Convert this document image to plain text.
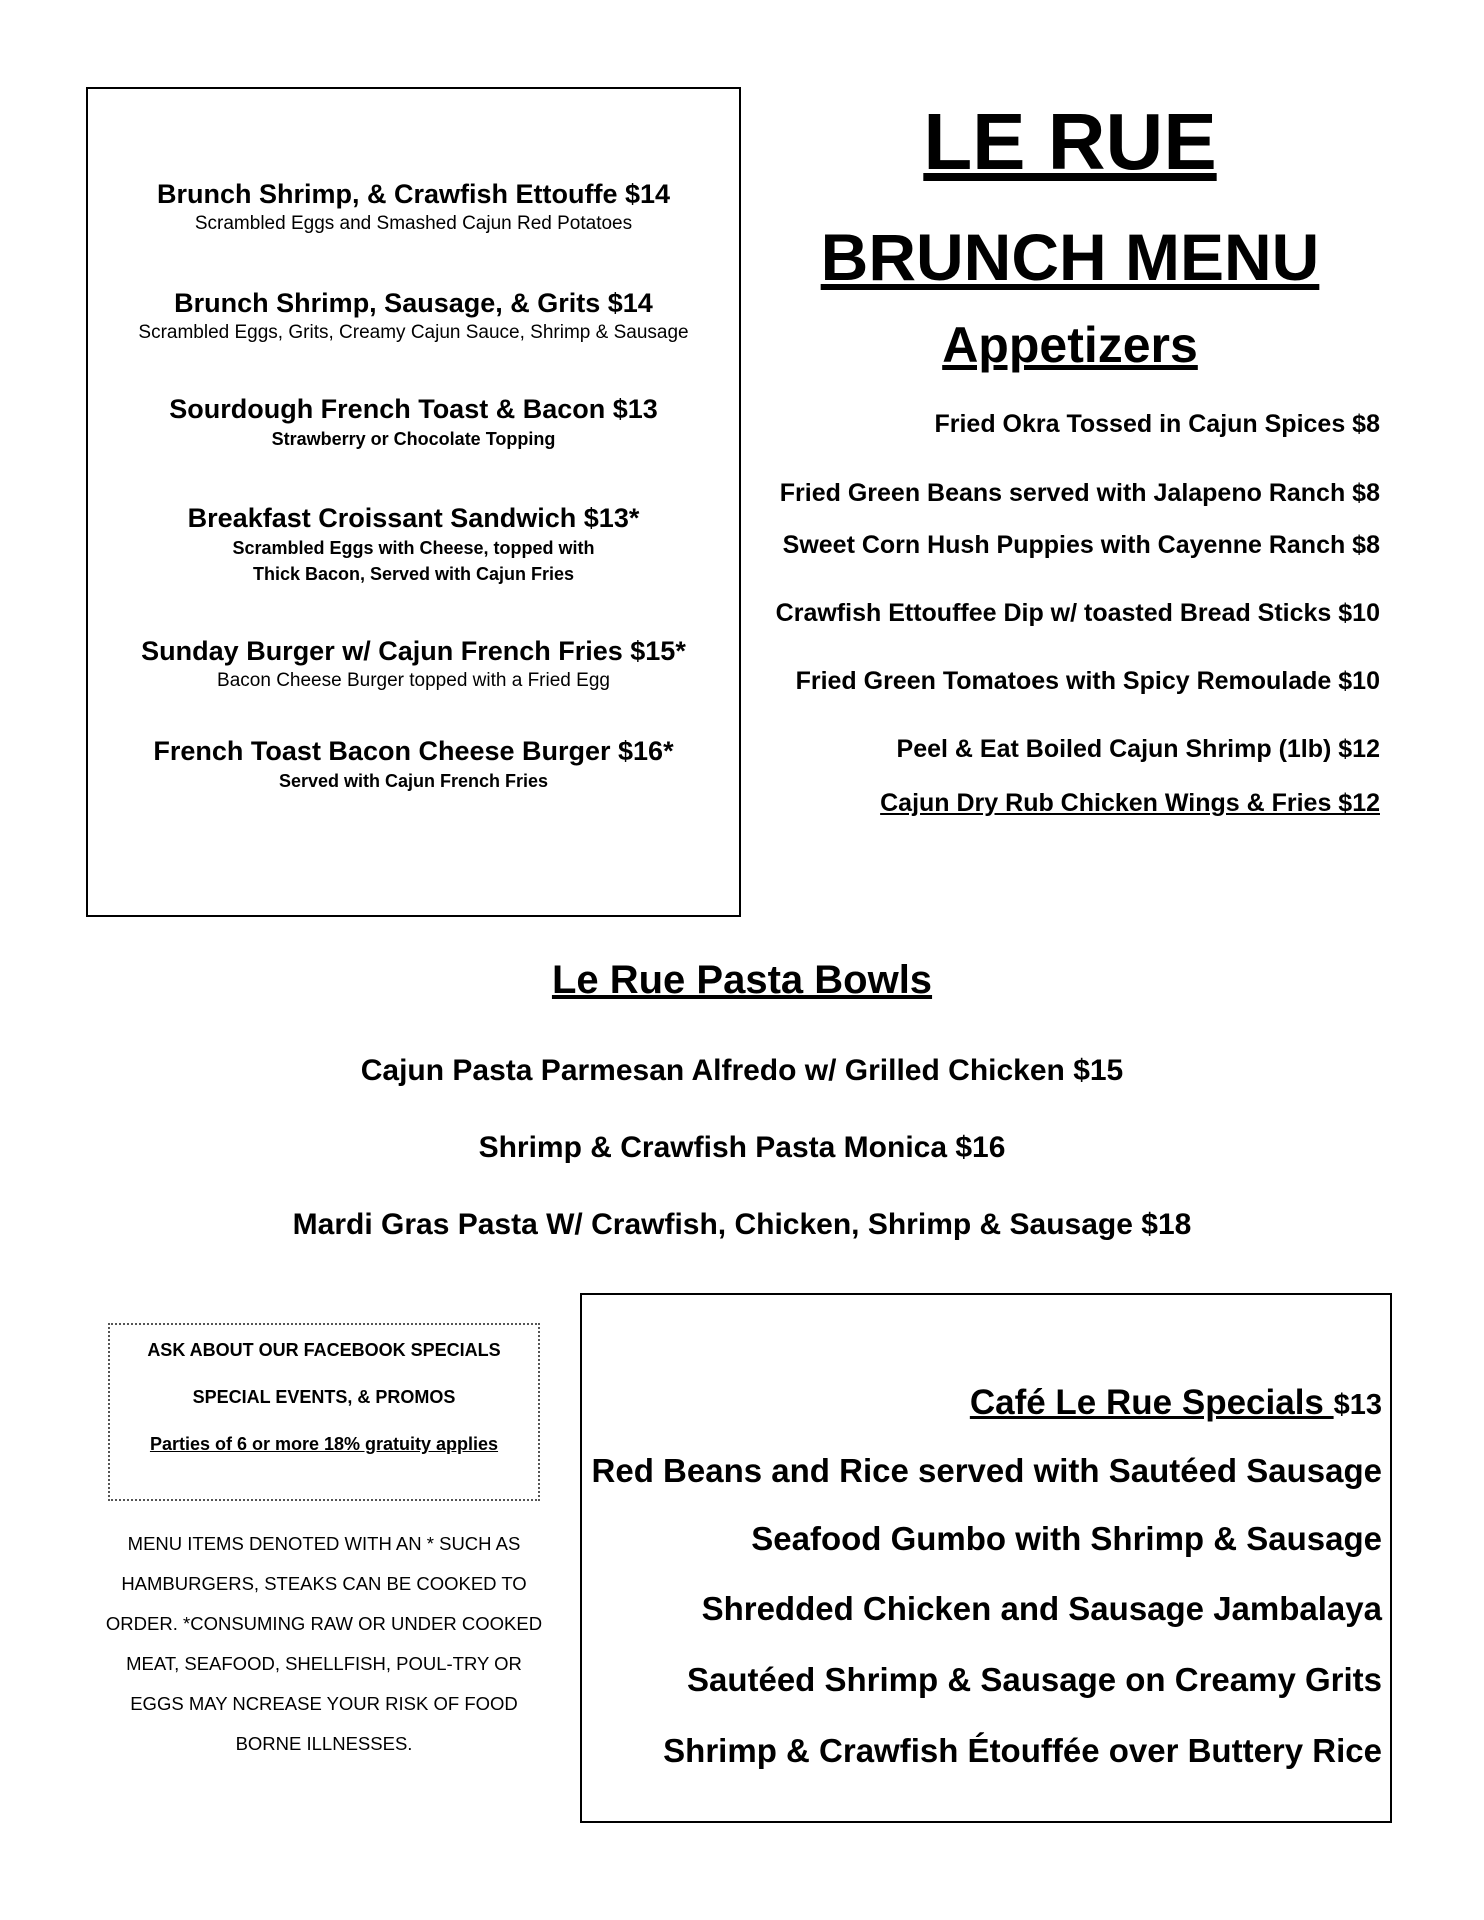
Brunch Shrimp, & Crawfish Ettouffe $14
Scrambled Eggs and Smashed Cajun Red Potatoes
Brunch Shrimp, Sausage, & Grits $14
Scrambled Eggs, Grits, Creamy Cajun Sauce, Shrimp & Sausage
Sourdough French Toast & Bacon $13
Strawberry or Chocolate Topping
Breakfast Croissant Sandwich $13*
Scrambled Eggs with Cheese, topped with
Thick Bacon, Served with Cajun Fries
Sunday Burger w/ Cajun French Fries $15*
Bacon Cheese Burger topped with a Fried Egg
French Toast Bacon Cheese Burger $16*
Served with Cajun French Fries
LE RUE
BRUNCH MENU
Appetizers
Fried Okra Tossed in Cajun Spices $8
Fried Green Beans served with Jalapeno Ranch $8
Sweet Corn Hush Puppies with Cayenne Ranch $8
Crawfish Ettouffee Dip w/ toasted Bread Sticks $10
Fried Green Tomatoes with Spicy Remoulade $10
Peel & Eat Boiled Cajun Shrimp (1lb) $12
Cajun Dry Rub Chicken Wings & Fries $12
Le Rue Pasta Bowls
Cajun Pasta Parmesan Alfredo w/ Grilled Chicken $15
Shrimp & Crawfish Pasta Monica $16
Mardi Gras Pasta W/ Crawfish, Chicken, Shrimp & Sausage $18
ASK ABOUT OUR FACEBOOK SPECIALS
SPECIAL EVENTS, & PROMOS
Parties of 6 or more 18% gratuity applies
MENU ITEMS DENOTED WITH AN * SUCH AS HAMBURGERS, STEAKS CAN BE COOKED TO ORDER. *CONSUMING RAW OR UNDER COOKED MEAT, SEAFOOD, SHELLFISH, POUL-TRY OR EGGS MAY NCREASE YOUR RISK OF FOOD BORNE ILLNESSES.
Café Le Rue Specials $13
Red Beans and Rice served with Sautéed Sausage
Seafood Gumbo with Shrimp & Sausage
Shredded Chicken and Sausage Jambalaya
Sautéed Shrimp & Sausage on Creamy Grits
Shrimp & Crawfish Étouffée over Buttery Rice
